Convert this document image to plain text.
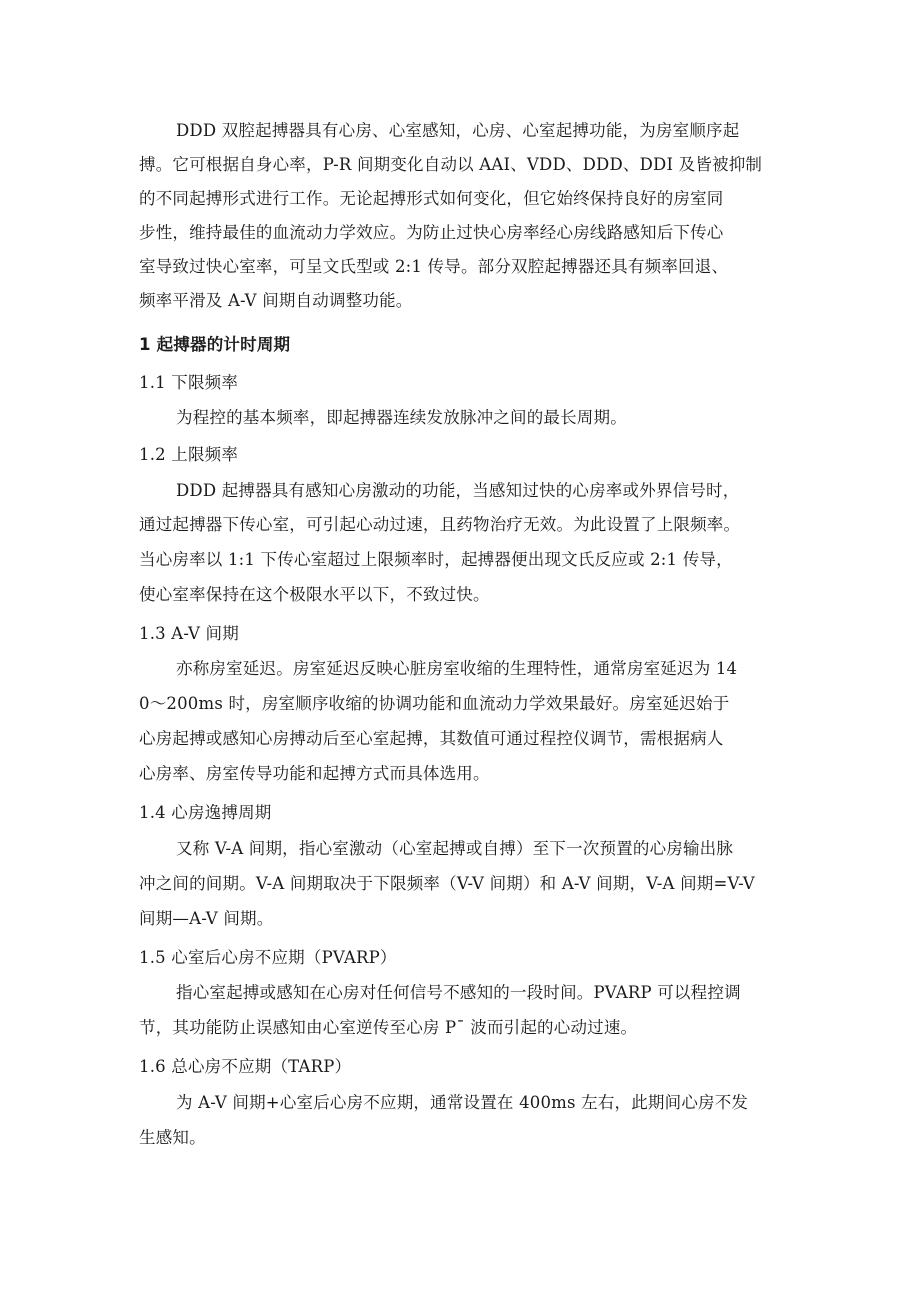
DDD 双腔起搏器具有心房、心室感知，心房、心室起搏功能，为房室顺序起
搏。它可根据自身心率，P-R 间期变化自动以 AAI、VDD、DDD、DDI 及皆被抑制
的不同起搏形式进行工作。无论起搏形式如何变化，但它始终保持良好的房室同
步性，维持最佳的血流动力学效应。为防止过快心房率经心房线路感知后下传心
室导致过快心室率，可呈文氏型或 2:1 传导。部分双腔起搏器还具有频率回退、
频率平滑及 A-V 间期自动调整功能。
1 起搏器的计时周期
1.1 下限频率
为程控的基本频率，即起搏器连续发放脉冲之间的最长周期。
1.2 上限频率
DDD 起搏器具有感知心房激动的功能，当感知过快的心房率或外界信号时，
通过起搏器下传心室，可引起心动过速，且药物治疗无效。为此设置了上限频率。
当心房率以 1:1 下传心室超过上限频率时，起搏器便出现文氏反应或 2:1 传导，
使心室率保持在这个极限水平以下，不致过快。
1.3 A-V 间期
亦称房室延迟。房室延迟反映心脏房室收缩的生理特性，通常房室延迟为 14
0～200ms 时，房室顺序收缩的协调功能和血流动力学效果最好。房室延迟始于
心房起搏或感知心房搏动后至心室起搏，其数值可通过程控仪调节，需根据病人
心房率、房室传导功能和起搏方式而具体选用。
1.4 心房逸搏周期
又称 V-A 间期，指心室激动（心室起搏或自搏）至下一次预置的心房输出脉
冲之间的间期。V-A 间期取决于下限频率（V-V 间期）和 A-V 间期，V-A 间期=V-V
间期—A-V 间期。
1.5 心室后心房不应期（PVARP）
指心室起搏或感知在心房对任何信号不感知的一段时间。PVARP 可以程控调
节，其功能防止误感知由心室逆传至心房 P¯ 波而引起的心动过速。
1.6 总心房不应期（TARP）
为 A-V 间期+心室后心房不应期，通常设置在 400ms 左右，此期间心房不发
生感知。
